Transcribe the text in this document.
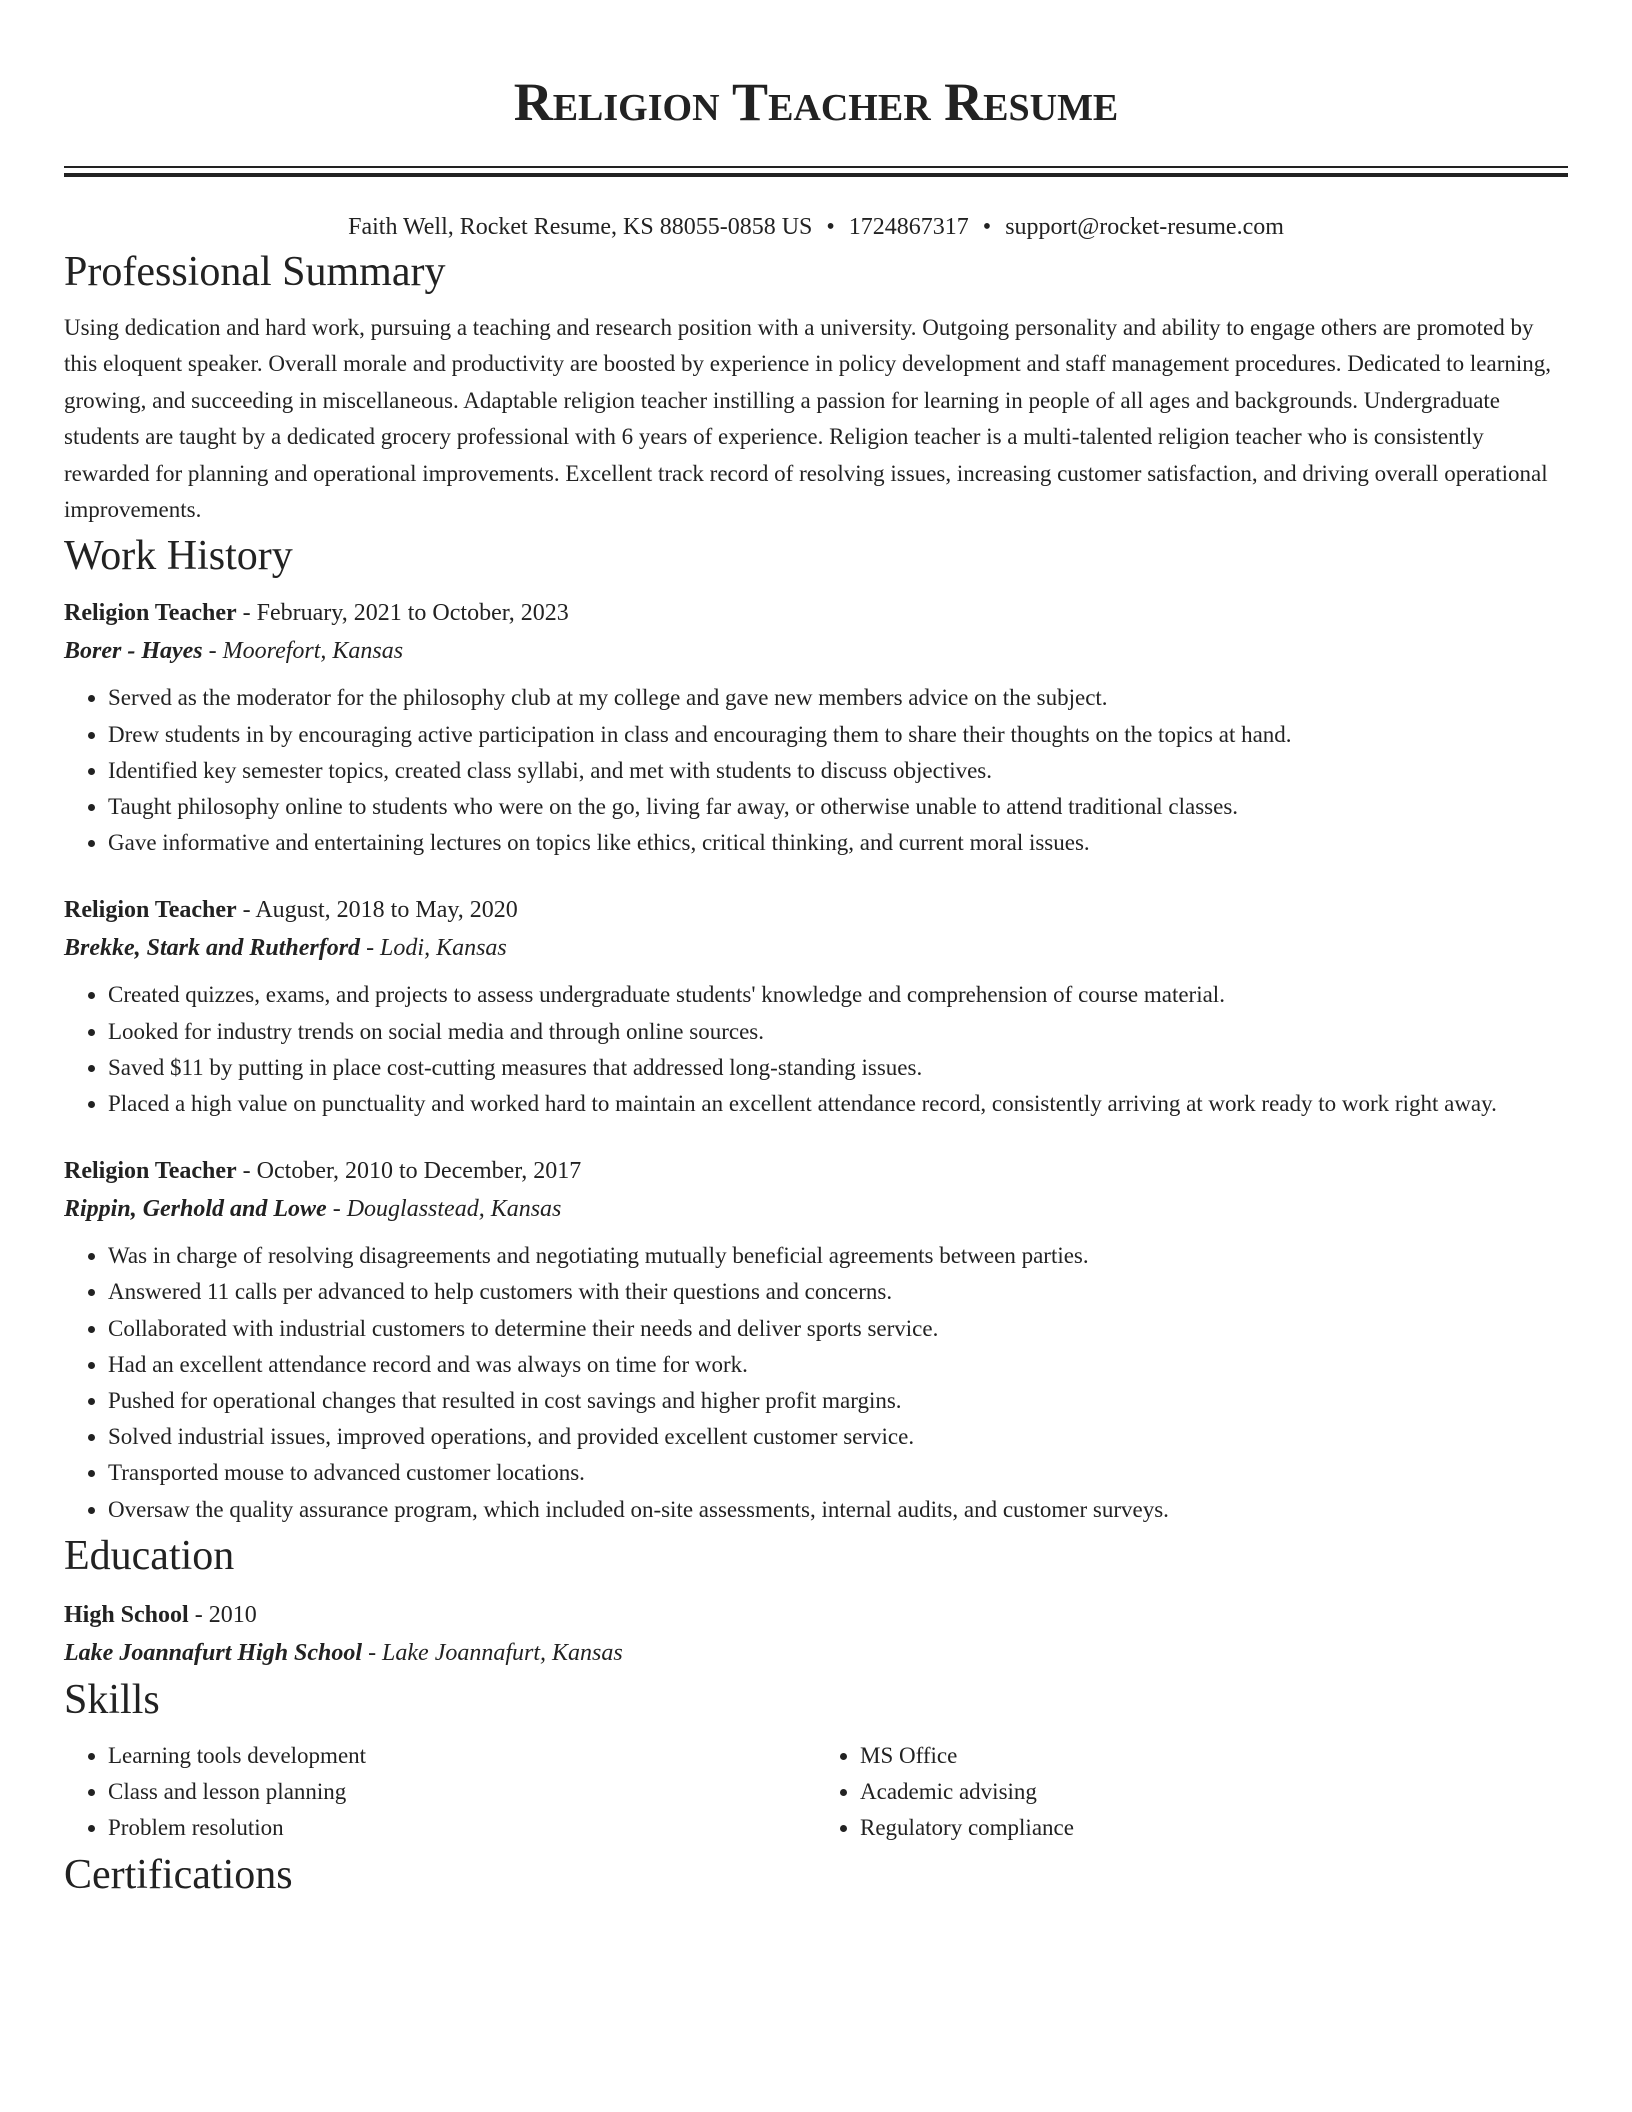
Religion Teacher Resume
Faith Well, Rocket Resume, KS 88055-0858 US • 1724867317 • support@rocket-resume.com
Professional Summary
Using dedication and hard work, pursuing a teaching and research position with a university. Outgoing personality and ability to engage others are promoted by this eloquent speaker. Overall morale and productivity are boosted by experience in policy development and staff management procedures. Dedicated to learning, growing, and succeeding in miscellaneous. Adaptable religion teacher instilling a passion for learning in people of all ages and backgrounds. Undergraduate students are taught by a dedicated grocery professional with 6 years of experience. Religion teacher is a multi-talented religion teacher who is consistently rewarded for planning and operational improvements. Excellent track record of resolving issues, increasing customer satisfaction, and driving overall operational improvements.
Work History
Religion Teacher - February, 2021 to October, 2023
Borer - Hayes - Moorefort, Kansas
• Served as the moderator for the philosophy club at my college and gave new members advice on the subject.
• Drew students in by encouraging active participation in class and encouraging them to share their thoughts on the topics at hand.
• Identified key semester topics, created class syllabi, and met with students to discuss objectives.
• Taught philosophy online to students who were on the go, living far away, or otherwise unable to attend traditional classes.
• Gave informative and entertaining lectures on topics like ethics, critical thinking, and current moral issues.
Religion Teacher - August, 2018 to May, 2020
Brekke, Stark and Rutherford - Lodi, Kansas
• Created quizzes, exams, and projects to assess undergraduate students' knowledge and comprehension of course material.
• Looked for industry trends on social media and through online sources.
• Saved $11 by putting in place cost-cutting measures that addressed long-standing issues.
• Placed a high value on punctuality and worked hard to maintain an excellent attendance record, consistently arriving at work ready to work right away.
Religion Teacher - October, 2010 to December, 2017
Rippin, Gerhold and Lowe - Douglasstead, Kansas
• Was in charge of resolving disagreements and negotiating mutually beneficial agreements between parties.
• Answered 11 calls per advanced to help customers with their questions and concerns.
• Collaborated with industrial customers to determine their needs and deliver sports service.
• Had an excellent attendance record and was always on time for work.
• Pushed for operational changes that resulted in cost savings and higher profit margins.
• Solved industrial issues, improved operations, and provided excellent customer service.
• Transported mouse to advanced customer locations.
• Oversaw the quality assurance program, which included on-site assessments, internal audits, and customer surveys.
Education
High School - 2010
Lake Joannafurt High School - Lake Joannafurt, Kansas
Skills
• Learning tools development
• Class and lesson planning
• Problem resolution
• MS Office
• Academic advising
• Regulatory compliance
Certifications
